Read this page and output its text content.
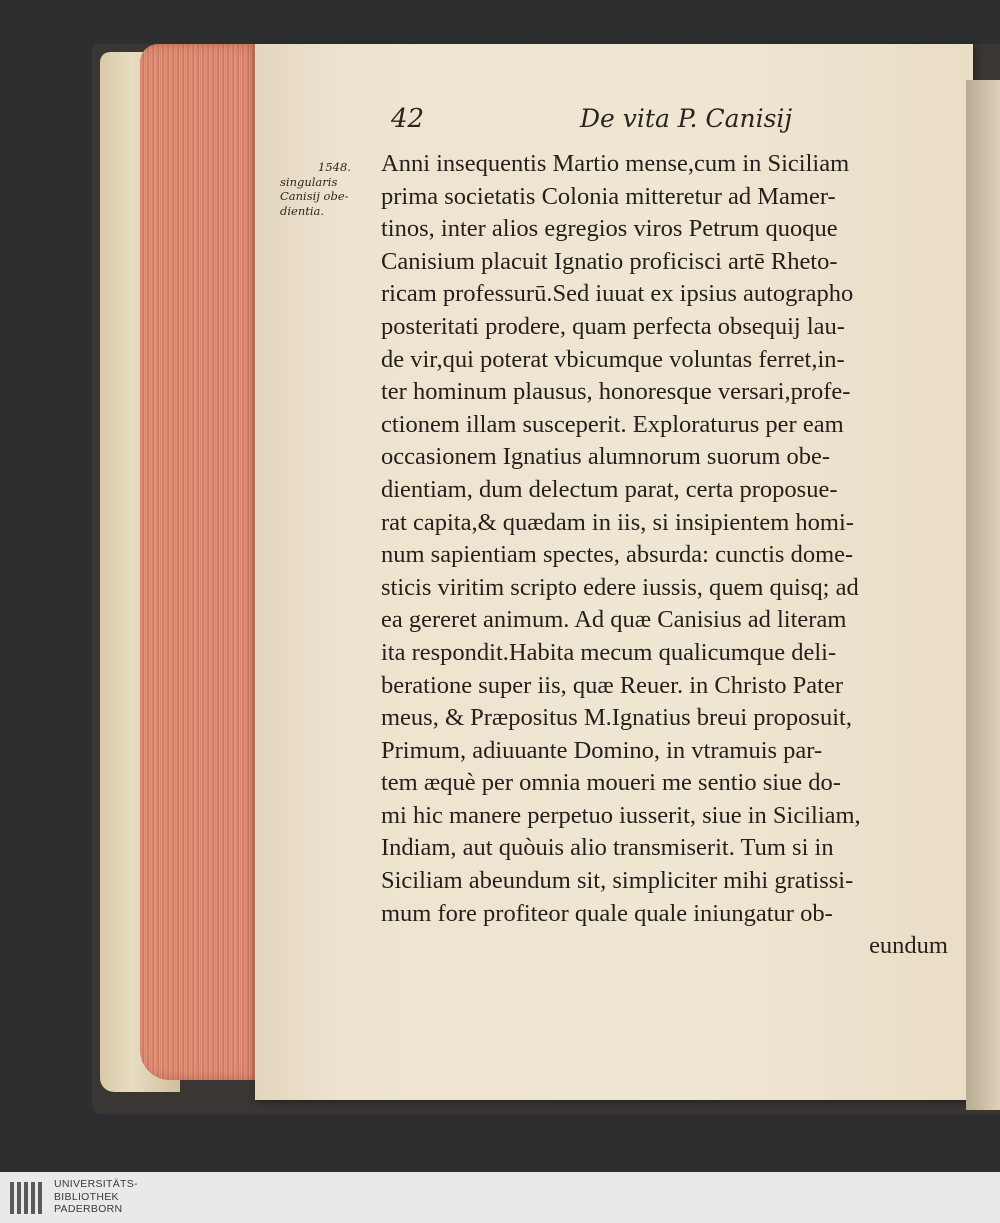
42	De vita P. Canisij
1548.
singularis
Canisij obe-
dientia.
Anni insequentis Martio mense,cum in Siciliam
prima societatis Colonia mitteretur ad Mamer-
tinos, inter alios egregios viros Petrum quoque
Canisium placuit Ignatio proficisci artē Rheto-
ricam professurū.Sed iuuat ex ipsius autographo
posteritati prodere, quam perfecta obsequij lau-
de vir,qui poterat vbicumque voluntas ferret,in-
ter hominum plausus, honoresque versari,profe-
ctionem illam susceperit. Exploraturus per eam
occasionem Ignatius alumnorum suorum obe-
dientiam, dum delectum parat, certa proposue-
rat capita,& quædam in iis, si insipientem homi-
num sapientiam spectes, absurda: cunctis dome-
sticis viritim scripto edere iussis, quem quisq; ad
ea gereret animum. Ad quæ Canisius ad literam
ita respondit.Habita mecum qualicumque deli-
beratione super iis, quæ Reuer. in Christo Pater
meus, & Præpositus M.Ignatius breui proposuit,
Primum, adiuuante Domino, in vtramuis par-
tem æquè per omnia moueri me sentio siue do-
mi hic manere perpetuo iusserit, siue in Siciliam,
Indiam, aut quòuis alio transmiserit. Tum si in
Siciliam abeundum sit, simpliciter mihi gratissi-
mum fore profiteor quale quale iniungatur ob-
eundum
UNIVERSITÄTS-
BIBLIOTHEK
PADERBORN
